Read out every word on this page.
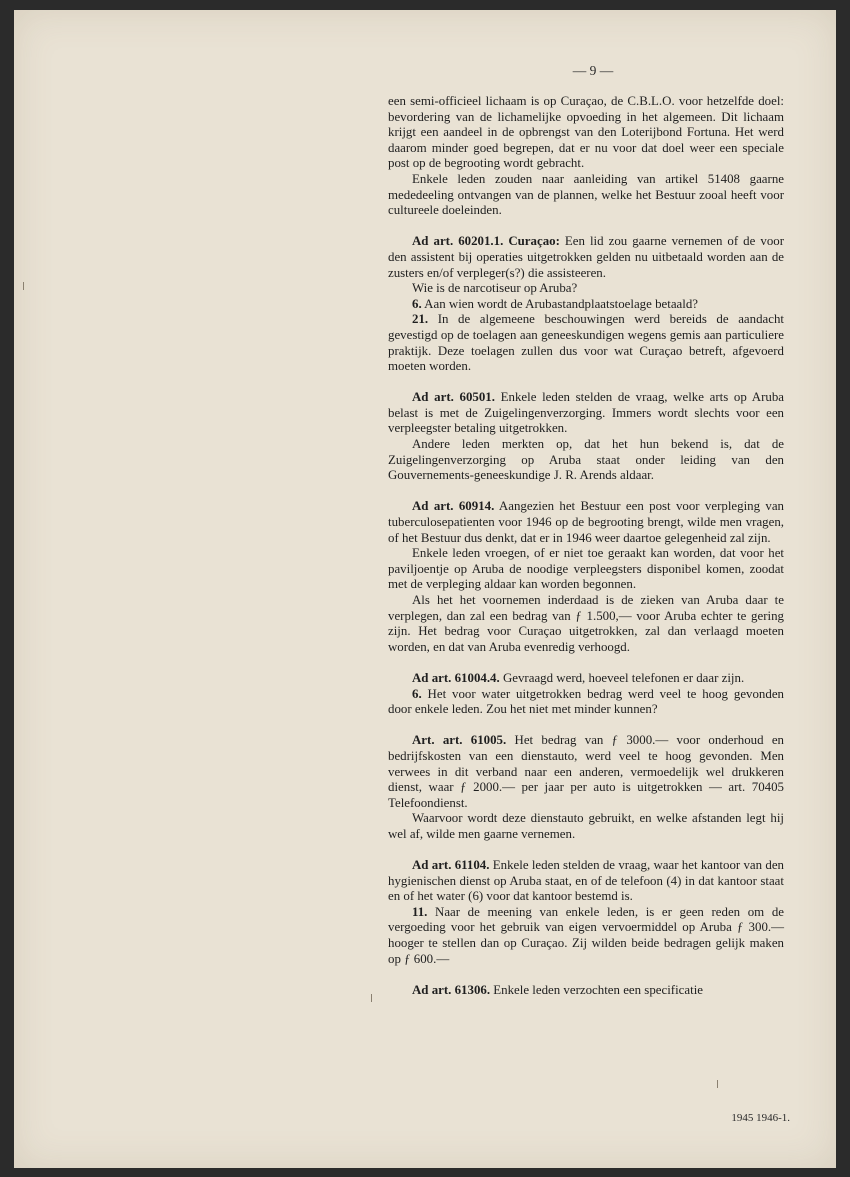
— 9 —

een semi-officieel lichaam is op Curaçao, de C.B.L.O. voor hetzelfde doel: bevordering van de lichamelijke opvoeding in het algemeen. Dit lichaam krijgt een aandeel in de opbrengst van den Loterijbond Fortuna. Het werd daarom minder goed begrepen, dat er nu voor dat doel weer een speciale post op de begrooting wordt gebracht.

Enkele leden zouden naar aanleiding van artikel 51408 gaarne mededeeling ontvangen van de plannen, welke het Bestuur zooal heeft voor cultureele doeleinden.

Ad art. 60201.1. Curaçao: Een lid zou gaarne vernemen of de voor den assistent bij operaties uitgetrokken gelden nu uitbetaald worden aan de zusters en/of verpleger(s?) die assisteeren.

Wie is de narcotiseur op Aruba?

6. Aan wien wordt de Arubastandplaatstoelage betaald?

21. In de algemeene beschouwingen werd bereids de aandacht gevestigd op de toelagen aan geneeskundigen wegens gemis aan particuliere praktijk. Deze toelagen zullen dus voor wat Curaçao betreft, afgevoerd moeten worden.

Ad art. 60501. Enkele leden stelden de vraag, welke arts op Aruba belast is met de Zuigelingenverzorging. Immers wordt slechts voor een verpleegster betaling uitgetrokken.

Andere leden merkten op, dat het hun bekend is, dat de Zuigelingenverzorging op Aruba staat onder leiding van den Gouvernements-geneeskundige J. R. Arends aldaar.

Ad art. 60914. Aangezien het Bestuur een post voor verpleging van tuberculosepatienten voor 1946 op de begrooting brengt, wilde men vragen, of het Bestuur dus denkt, dat er in 1946 weer daartoe gelegenheid zal zijn.

Enkele leden vroegen, of er niet toe geraakt kan worden, dat voor het paviljoentje op Aruba de noodige verpleegsters disponibel komen, zoodat met de verpleging aldaar kan worden begonnen.

Als het het voornemen inderdaad is de zieken van Aruba daar te verplegen, dan zal een bedrag van ƒ 1.500,— voor Aruba echter te gering zijn. Het bedrag voor Curaçao uitgetrokken, zal dan verlaagd moeten worden, en dat van Aruba evenredig verhoogd.

Ad art. 61004.4. Gevraagd werd, hoeveel telefonen er daar zijn.

6. Het voor water uitgetrokken bedrag werd veel te hoog gevonden door enkele leden. Zou het niet met minder kunnen?

Art. art. 61005. Het bedrag van ƒ 3000.— voor onderhoud en bedrijfskosten van een dienstauto, werd veel te hoog gevonden. Men verwees in dit verband naar een anderen, vermoedelijk wel drukkeren dienst, waar ƒ 2000.— per jaar per auto is uitgetrokken — art. 70405 Telefoondienst.

Waarvoor wordt deze dienstauto gebruikt, en welke afstanden legt hij wel af, wilde men gaarne vernemen.

Ad art. 61104. Enkele leden stelden de vraag, waar het kantoor van den hygienischen dienst op Aruba staat, en of de telefoon (4) in dat kantoor staat en of het water (6) voor dat kantoor bestemd is.

11. Naar de meening van enkele leden, is er geen reden om de vergoeding voor het gebruik van eigen vervoermiddel op Aruba ƒ 300.— hooger te stellen dan op Curaçao. Zij wilden beide bedragen gelijk maken op ƒ 600.—

Ad art. 61306. Enkele leden verzochten een specificatie

1945 1946-1.
